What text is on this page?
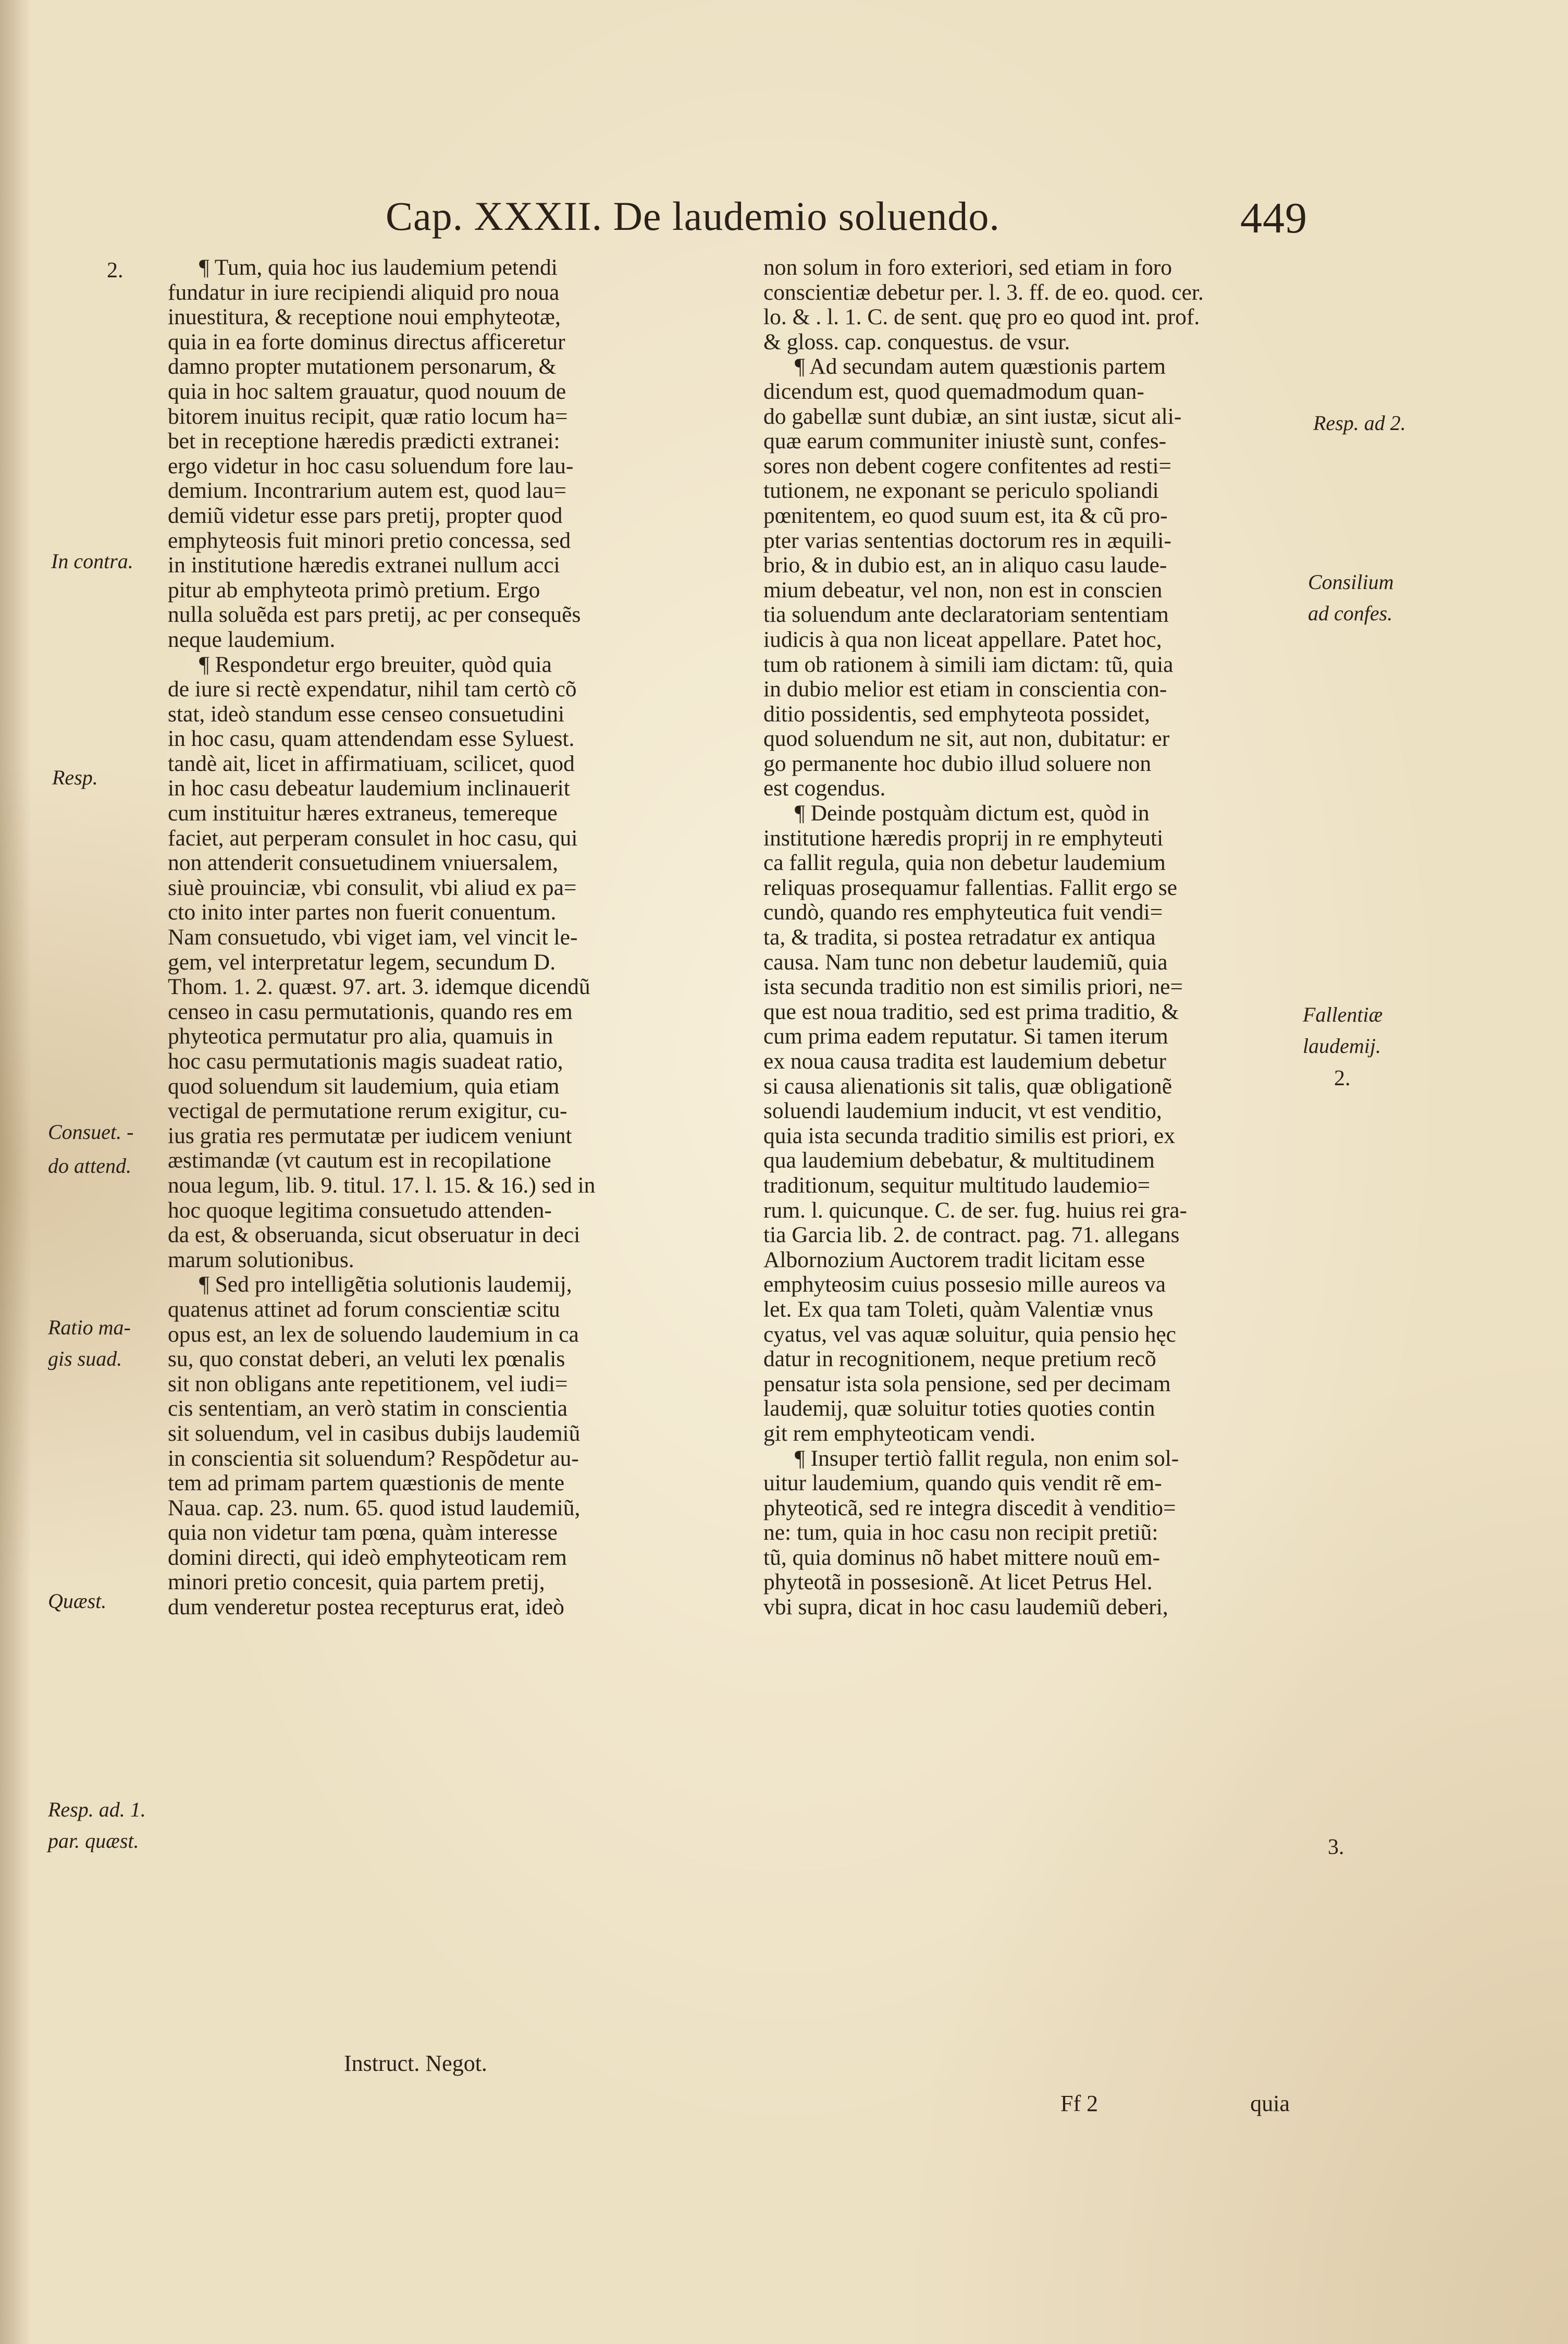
Cap. XXXII. De laudemio soluendo.	449
2.
In contra.
Resp.
Consuet. -
do attend.
Ratio ma-
gis suad.
Quæst.
Resp. ad. 1.
par. quæst.
Resp. ad 2.
Consilium
ad confes.
Fallentiæ
laudemij.
2.
3.
¶ Tum, quia hoc ius laudemium petendi
fundatur in iure recipiendi aliquid pro noua
inuestitura, & receptione noui emphyteotæ,
quia in ea forte dominus directus afficeretur
damno propter mutationem personarum, &
quia in hoc saltem grauatur, quod nouum de
bitorem inuitus recipit, quæ ratio locum ha=
bet in receptione hæredis prædicti extranei:
ergo videtur in hoc casu soluendum fore lau-
demium. Incontrarium autem est, quod lau=
demiũ videtur esse pars pretij, propter quod
emphyteosis fuit minori pretio concessa, sed
in institutione hæredis extranei nullum acci
pitur ab emphyteota primò pretium. Ergo
nulla soluẽda est pars pretij, ac per consequẽs
neque laudemium.
¶ Respondetur ergo breuiter, quòd quia
de iure si rectè expendatur, nihil tam certò cõ
stat, ideò standum esse censeo consuetudini
in hoc casu, quam attendendam esse Syluest.
tandè ait, licet in affirmatiuam, scilicet, quod
in hoc casu debeatur laudemium inclinauerit
cum instituitur hæres extraneus, temereque
faciet, aut perperam consulet in hoc casu, qui
non attenderit consuetudinem vniuersalem,
siuè prouinciæ, vbi consulit, vbi aliud ex pa=
cto inito inter partes non fuerit conuentum.
Nam consuetudo, vbi viget iam, vel vincit le-
gem, vel interpretatur legem, secundum D.
Thom. 1. 2. quæst. 97. art. 3. idemque dicendũ
censeo in casu permutationis, quando res em
phyteotica permutatur pro alia, quamuis in
hoc casu permutationis magis suadeat ratio,
quod soluendum sit laudemium, quia etiam
vectigal de permutatione rerum exigitur, cu-
ius gratia res permutatæ per iudicem veniunt
æstimandæ (vt cautum est in recopilatione
noua legum, lib. 9. titul. 17. l. 15. & 16.) sed in
hoc quoque legitima consuetudo attenden-
da est, & obseruanda, sicut obseruatur in deci
marum solutionibus.
¶ Sed pro intelligẽtia solutionis laudemij,
quatenus attinet ad forum conscientiæ scitu
opus est, an lex de soluendo laudemium in ca
su, quo constat deberi, an veluti lex pœnalis
sit non obligans ante repetitionem, vel iudi=
cis sententiam, an verò statim in conscientia
sit soluendum, vel in casibus dubijs laudemiũ
in conscientia sit soluendum? Respõdetur au-
tem ad primam partem quæstionis de mente
Naua. cap. 23. num. 65. quod istud laudemiũ,
quia non videtur tam pœna, quàm interesse
domini directi, qui ideò emphyteoticam rem
minori pretio concesit, quia partem pretij,
dum venderetur postea recepturus erat, ideò
non solum in foro exteriori, sed etiam in foro
conscientiæ debetur per. l. 3. ff. de eo. quod. cer.
lo. & . l. 1. C. de sent. quę pro eo quod int. prof.
& gloss. cap. conquestus. de vsur.
¶ Ad secundam autem quæstionis partem
dicendum est, quod quemadmodum quan-
do gabellæ sunt dubiæ, an sint iustæ, sicut ali-
quæ earum communiter iniustè sunt, confes-
sores non debent cogere confitentes ad resti=
tutionem, ne exponant se periculo spoliandi
pœnitentem, eo quod suum est, ita & cũ pro-
pter varias sententias doctorum res in æquili-
brio, & in dubio est, an in aliquo casu laude-
mium debeatur, vel non, non est in conscien
tia soluendum ante declaratoriam sententiam
iudicis à qua non liceat appellare. Patet hoc,
tum ob rationem à simili iam dictam: tũ, quia
in dubio melior est etiam in conscientia con-
ditio possidentis, sed emphyteota possidet,
quod soluendum ne sit, aut non, dubitatur: er
go permanente hoc dubio illud soluere non
est cogendus.
¶ Deinde postquàm dictum est, quòd in
institutione hæredis proprij in re emphyteuti
ca fallit regula, quia non debetur laudemium
reliquas prosequamur fallentias. Fallit ergo se
cundò, quando res emphyteutica fuit vendi=
ta, & tradita, si postea retradatur ex antiqua
causa. Nam tunc non debetur laudemiũ, quia
ista secunda traditio non est similis priori, ne=
que est noua traditio, sed est prima traditio, &
cum prima eadem reputatur. Si tamen iterum
ex noua causa tradita est laudemium debetur
si causa alienationis sit talis, quæ obligationẽ
soluendi laudemium inducit, vt est venditio,
quia ista secunda traditio similis est priori, ex
qua laudemium debebatur, & multitudinem
traditionum, sequitur multitudo laudemio=
rum. l. quicunque. C. de ser. fug. huius rei gra-
tia Garcia lib. 2. de contract. pag. 71. allegans
Albornozium Auctorem tradit licitam esse
emphyteosim cuius possesio mille aureos va
let. Ex qua tam Toleti, quàm Valentiæ vnus
cyatus, vel vas aquæ soluitur, quia pensio hęc
datur in recognitionem, neque pretium recõ
pensatur ista sola pensione, sed per decimam
laudemij, quæ soluitur toties quoties contin
git rem emphyteoticam vendi.
¶ Insuper tertiò fallit regula, non enim sol-
uitur laudemium, quando quis vendit rẽ em-
phyteoticã, sed re integra discedit à venditio=
ne: tum, quia in hoc casu non recipit pretiũ:
tũ, quia dominus nõ habet mittere nouũ em-
phyteotã in possesionẽ. At licet Petrus Hel.
vbi supra, dicat in hoc casu laudemiũ deberi,
Instruct. Negot.
Ff 2	quia
